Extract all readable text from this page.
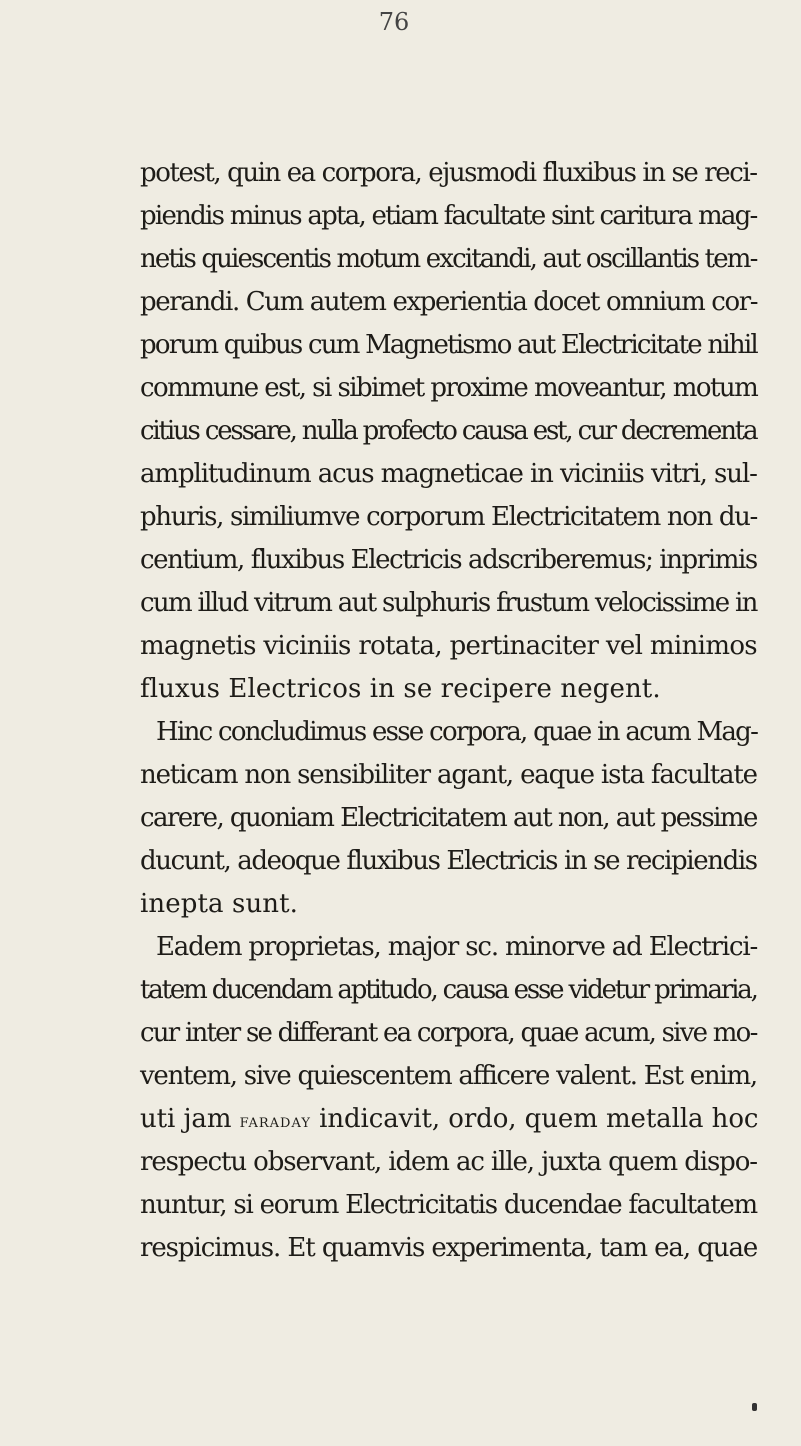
76
potest, quin ea corpora, ejusmodi fluxibus in se reci-
piendis minus apta, etiam facultate sint caritura mag-
netis quiescentis motum excitandi, aut oscillantis tem-
perandi. Cum autem experientia docet omnium cor-
porum quibus cum Magnetismo aut Electricitate nihil
commune est, si sibimet proxime moveantur, motum
citius cessare, nulla profecto causa est, cur decrementa
amplitudinum acus magneticae in viciniis vitri, sul-
phuris, similiumve corporum Electricitatem non du-
centium, fluxibus Electricis adscriberemus; inprimis
cum illud vitrum aut sulphuris frustum velocissime in
magnetis viciniis rotata, pertinaciter vel minimos
fluxus Electricos in se recipere negent.
Hinc concludimus esse corpora, quae in acum Mag-
neticam non sensibiliter agant, eaque ista facultate
carere, quoniam Electricitatem aut non, aut pessime
ducunt, adeoque fluxibus Electricis in se recipiendis
inepta sunt.
Eadem proprietas, major sc. minorve ad Electrici-
tatem ducendam aptitudo, causa esse videtur primaria,
cur inter se differant ea corpora, quae acum, sive mo-
ventem, sive quiescentem afficere valent. Est enim,
uti jam faraday indicavit, ordo, quem metalla hoc
respectu observant, idem ac ille, juxta quem dispo-
nuntur, si eorum Electricitatis ducendae facultatem
respicimus. Et quamvis experimenta, tam ea, quae
